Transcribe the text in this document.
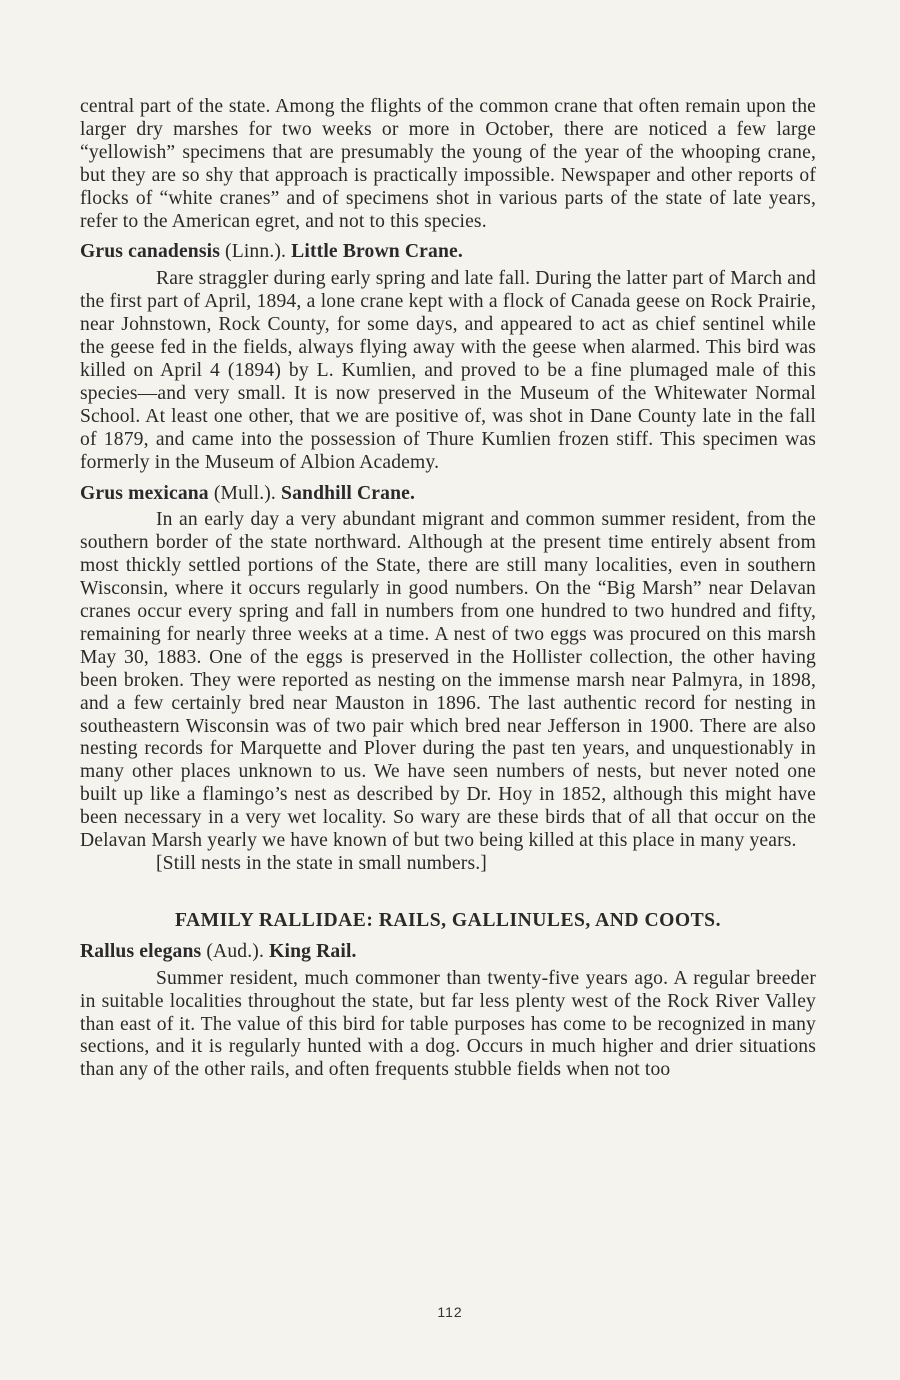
central part of the state. Among the flights of the common crane that often remain upon the larger dry marshes for two weeks or more in October, there are noticed a few large “yellowish” specimens that are presumably the young of the year of the whooping crane, but they are so shy that approach is practically impossible. Newspaper and other reports of flocks of “white cranes” and of specimens shot in various parts of the state of late years, refer to the American egret, and not to this species.

Grus canadensis (Linn.). Little Brown Crane.

Rare straggler during early spring and late fall. During the latter part of March and the first part of April, 1894, a lone crane kept with a flock of Canada geese on Rock Prairie, near Johnstown, Rock County, for some days, and appeared to act as chief sentinel while the geese fed in the fields, always flying away with the geese when alarmed. This bird was killed on April 4 (1894) by L. Kumlien, and proved to be a fine plumaged male of this species—and very small. It is now preserved in the Museum of the Whitewater Normal School. At least one other, that we are positive of, was shot in Dane County late in the fall of 1879, and came into the possession of Thure Kumlien frozen stiff. This specimen was formerly in the Museum of Albion Academy.

Grus mexicana (Mull.). Sandhill Crane.

In an early day a very abundant migrant and common summer resident, from the southern border of the state northward. Although at the present time entirely absent from most thickly settled portions of the State, there are still many localities, even in southern Wisconsin, where it occurs regularly in good numbers. On the “Big Marsh” near Delavan cranes occur every spring and fall in numbers from one hundred to two hundred and fifty, remaining for nearly three weeks at a time. A nest of two eggs was procured on this marsh May 30, 1883. One of the eggs is preserved in the Hollister collection, the other having been broken. They were reported as nesting on the immense marsh near Palmyra, in 1898, and a few certainly bred near Mauston in 1896. The last authentic record for nesting in southeastern Wisconsin was of two pair which bred near Jefferson in 1900. There are also nesting records for Marquette and Plover during the past ten years, and unquestionably in many other places unknown to us. We have seen numbers of nests, but never noted one built up like a flamingo’s nest as described by Dr. Hoy in 1852, although this might have been necessary in a very wet locality. So wary are these birds that of all that occur on the Delavan Marsh yearly we have known of but two being killed at this place in many years.

[Still nests in the state in small numbers.]

FAMILY RALLIDAE: RAILS, GALLINULES, AND COOTS.

Rallus elegans (Aud.). King Rail.

Summer resident, much commoner than twenty-five years ago. A regular breeder in suitable localities throughout the state, but far less plenty west of the Rock River Valley than east of it. The value of this bird for table purposes has come to be recognized in many sections, and it is regularly hunted with a dog. Occurs in much higher and drier situations than any of the other rails, and often frequents stubble fields when not too

112
